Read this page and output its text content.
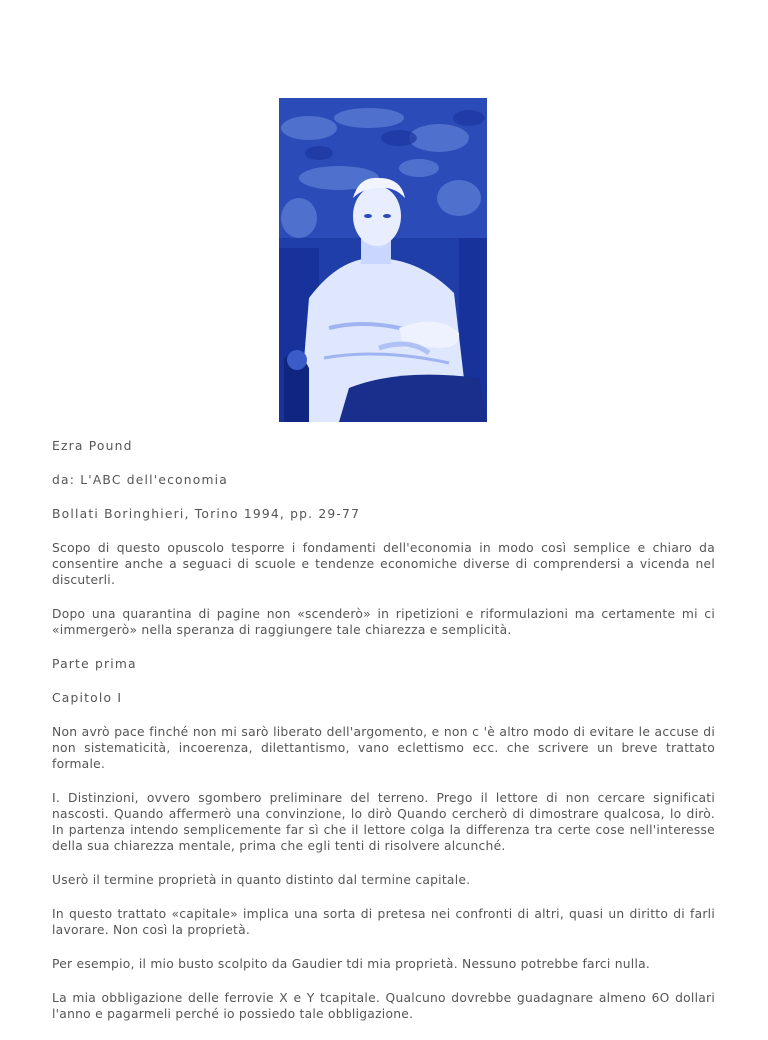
Ezra Pound

da: L'ABC dell'economia

Bollati Boringhieri, Torino 1994, pp. 29-77

Scopo di questo opuscolo tesporre i fondamenti dell'economia in modo così semplice e chiaro da consentire anche a seguaci di scuole e tendenze economiche diverse di comprendersi a vicenda nel discuterli.

Dopo una quarantina di pagine non «scenderò» in ripetizioni e riformulazioni ma certamente mi ci «immergerò» nella speranza di raggiungere tale chiarezza e semplicità.

Parte prima

Capitolo I

Non avrò pace finché non mi sarò liberato dell'argomento, e non c 'è altro modo di evitare le accuse di non sistematicità, incoerenza, dilettantismo, vano eclettismo ecc. che scrivere un breve trattato formale.

I. Distinzioni, ovvero sgombero preliminare del terreno. Prego il lettore di non cercare significati nascosti. Quando affermerò una convinzione, lo dirò Quando cercherò di dimostrare qualcosa, lo dirò. In partenza intendo semplicemente far sì che il lettore colga la differenza tra certe cose nell'interesse della sua chiarezza mentale, prima che egli tenti di risolvere alcunché.

Userò il termine proprietà in quanto distinto dal termine capitale.

In questo trattato «capitale» implica una sorta di pretesa nei confronti di altri, quasi un diritto di farli lavorare. Non così la proprietà.

Per esempio, il mio busto scolpito da Gaudier tdi mia proprietà. Nessuno potrebbe farci nulla.

La mia obbligazione delle ferrovie X e Y tcapitale. Qualcuno dovrebbe guadagnare almeno 6O dollari l'anno e pagarmeli perché io possiedo tale obbligazione.
